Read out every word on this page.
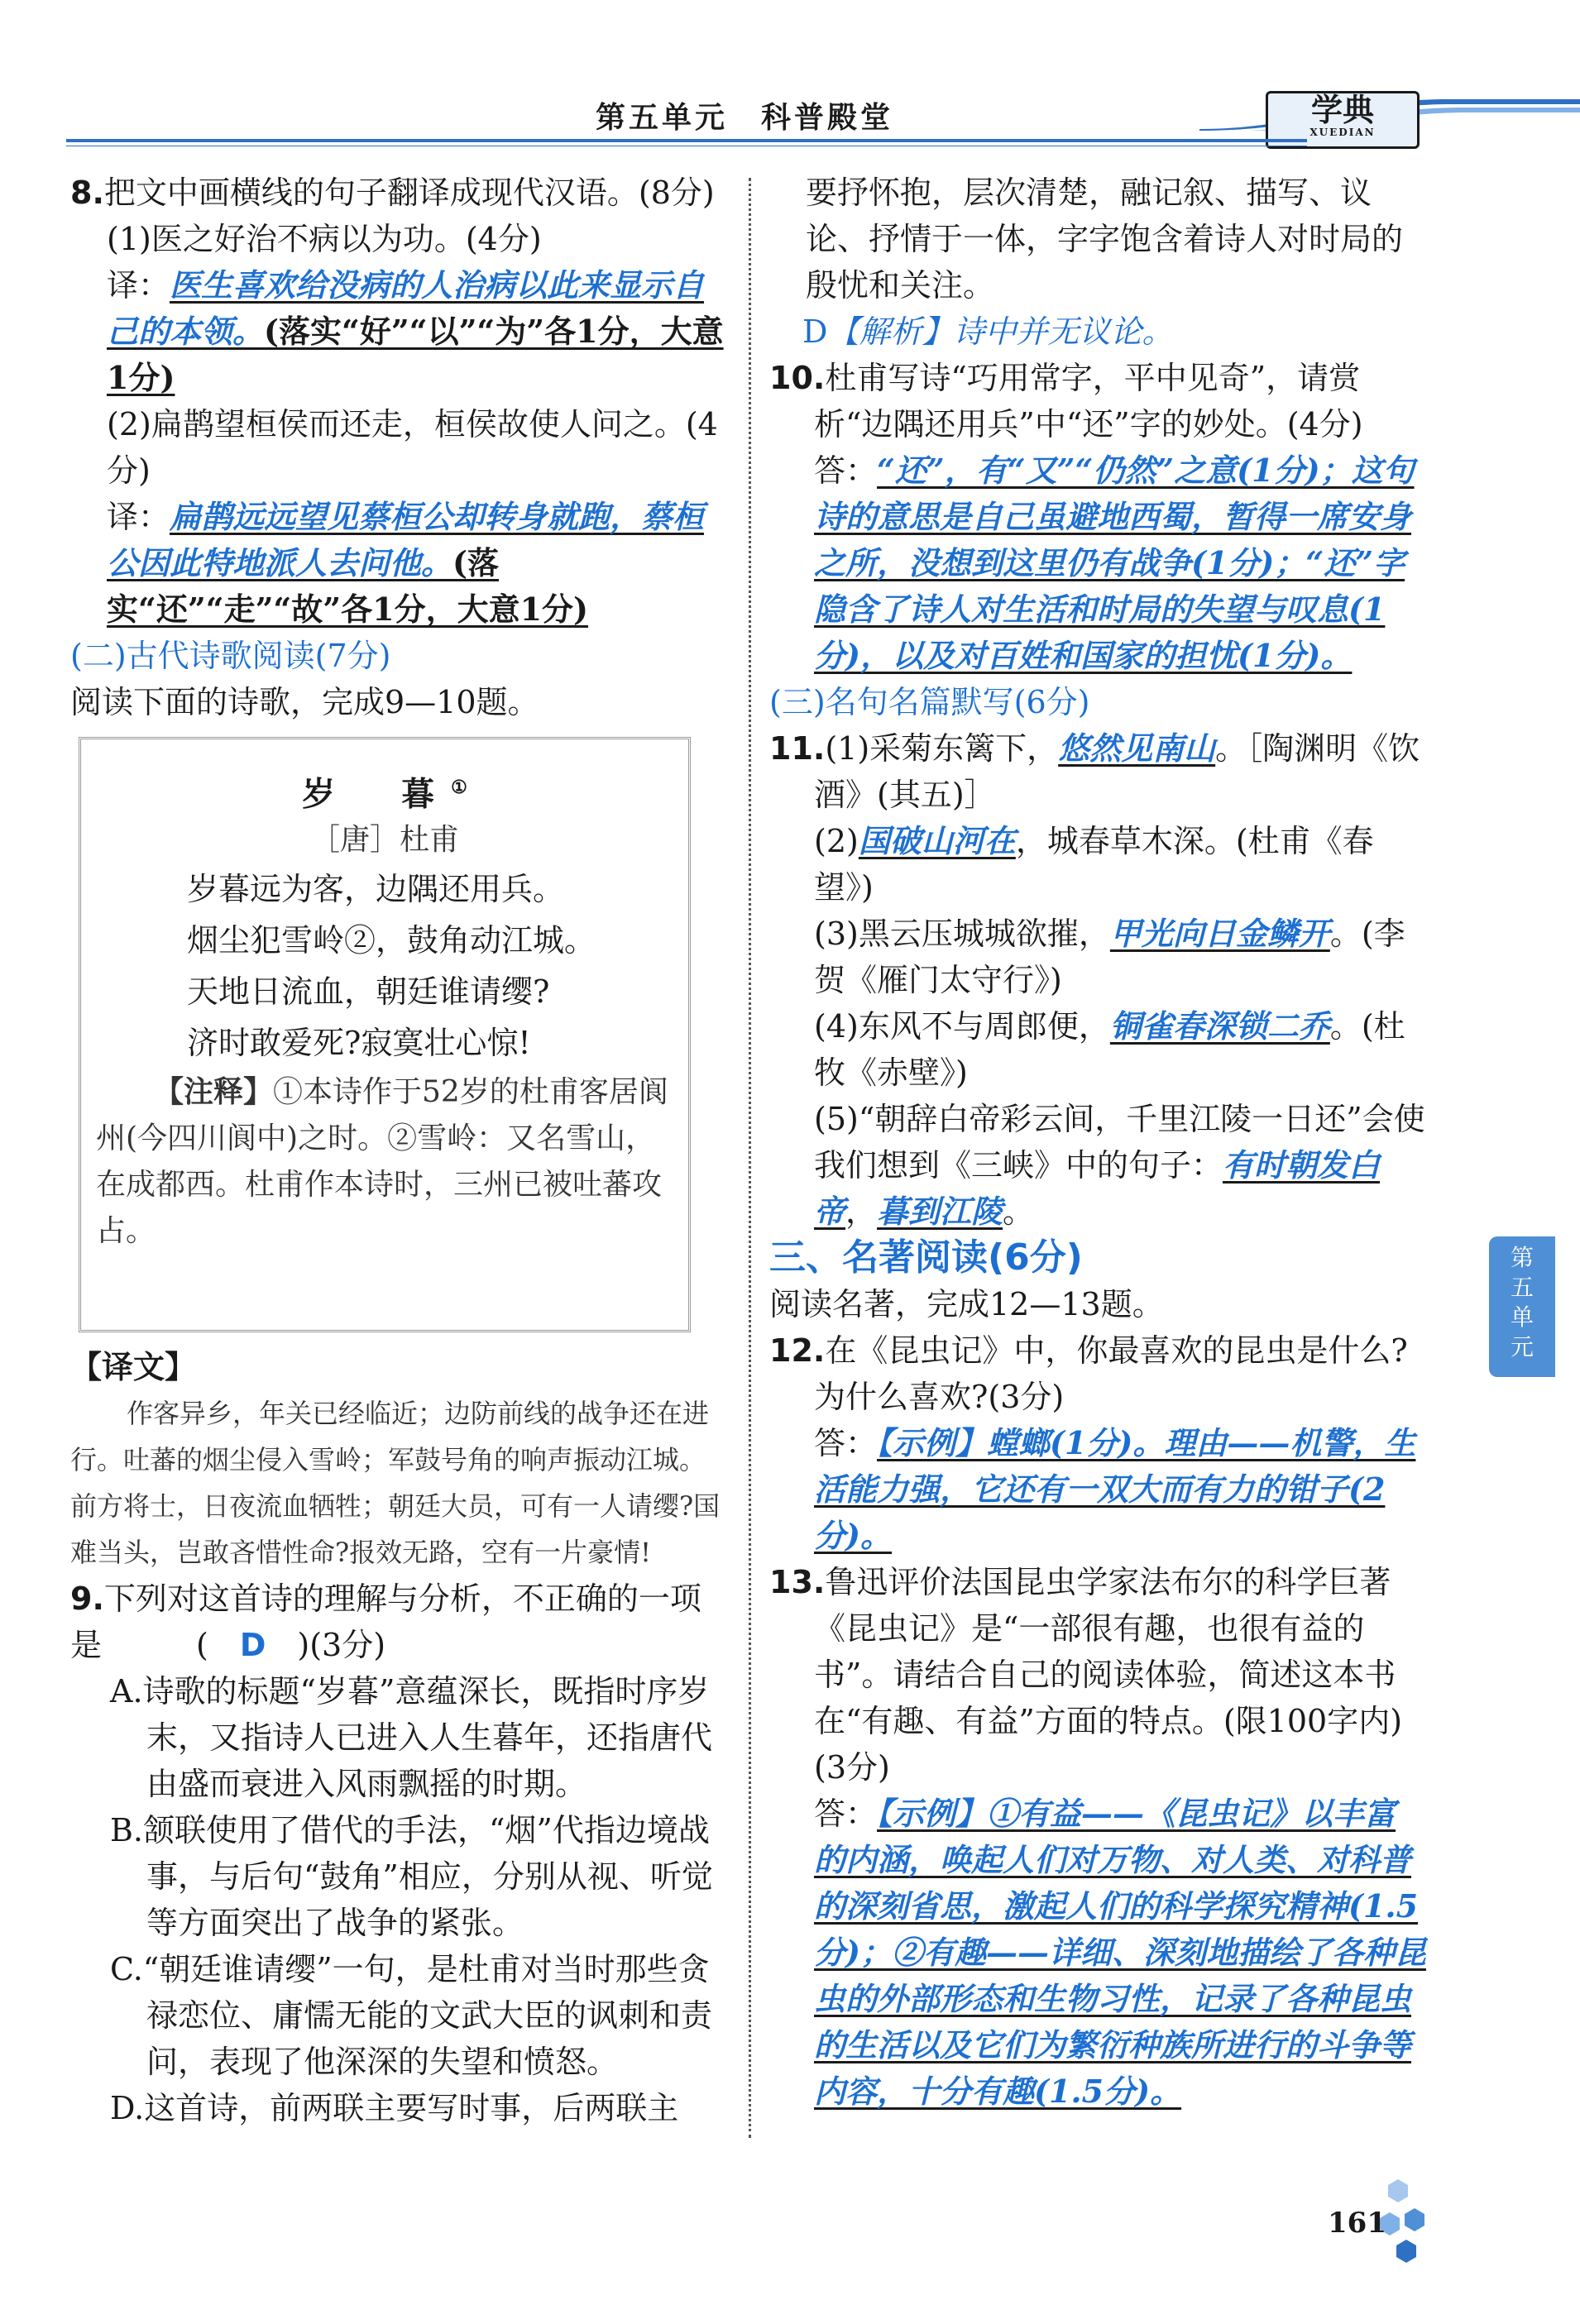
第五单元　科普殿堂	学典
XUEDIAN

8.把文中画横线的句子翻译成现代汉语。(8分)

(1)医之好治不病以为功。(4分)

译：医生喜欢给没病的人治病以此来显示自己的本领。(落实“好”“以”“为”各1分，大意1分)

(2)扁鹊望桓侯而还走，桓侯故使人问之。(4分)

译：扁鹊远远望见蔡桓公却转身就跑，蔡桓公因此特地派人去问他。(落实“还”“走”“故”各1分，大意1分)

(二)古代诗歌阅读(7分)

阅读下面的诗歌，完成9—10题。

岁　暮①
［唐］杜甫
岁暮远为客，边隅还用兵。
烟尘犯雪岭②，鼓角动江城。
天地日流血，朝廷谁请缨?
济时敢爱死?寂寞壮心惊!
【注释】①本诗作于52岁的杜甫客居阆州(今四川阆中)之时。②雪岭：又名雪山，在成都西。杜甫作本诗时，三州已被吐蕃攻占。

【译文】

作客异乡，年关已经临近；边防前线的战争还在进行。吐蕃的烟尘侵入雪岭；军鼓号角的响声振动江城。前方将士，日夜流血牺牲；朝廷大员，可有一人请缨?国难当头，岂敢吝惜性命?报效无路，空有一片豪情!

9.下列对这首诗的理解与分析，不正确的一项是　　　(　D　)(3分)

A.诗歌的标题“岁暮”意蕴深长，既指时序岁末，又指诗人已进入人生暮年，还指唐代由盛而衰进入风雨飘摇的时期。

B.颔联使用了借代的手法，“烟”代指边境战事，与后句“鼓角”相应，分别从视、听觉等方面突出了战争的紧张。

C.“朝廷谁请缨”一句，是杜甫对当时那些贪禄恋位、庸懦无能的文武大臣的讽刺和责问，表现了他深深的失望和愤怒。

D.这首诗，前两联主要写时事，后两联主

要抒怀抱，层次清楚，融记叙、描写、议论、抒情于一体，字字饱含着诗人对时局的殷忧和关注。

D【解析】诗中并无议论。

10.杜甫写诗“巧用常字，平中见奇”，请赏析“边隅还用兵”中“还”字的妙处。(4分)

答：“还”，有“又”“仍然”之意(1分)；这句诗的意思是自己虽避地西蜀，暂得一席安身之所，没想到这里仍有战争(1分)；“还”字隐含了诗人对生活和时局的失望与叹息(1分)，以及对百姓和国家的担忧(1分)。

(三)名句名篇默写(6分)

11.(1)采菊东篱下，悠然见南山。［陶渊明《饮酒》(其五)］

(2)国破山河在，城春草木深。(杜甫《春望》)

(3)黑云压城城欲摧，甲光向日金鳞开。(李贺《雁门太守行》)

(4)东风不与周郎便，铜雀春深锁二乔。(杜牧《赤壁》)

(5)“朝辞白帝彩云间，千里江陵一日还”会使我们想到《三峡》中的句子：有时朝发白帝，暮到江陵。

三、名著阅读(6分)

阅读名著，完成12—13题。

12.在《昆虫记》中，你最喜欢的昆虫是什么?为什么喜欢?(3分)

答：【示例】螳螂(1分)。理由——机警，生活能力强，它还有一双大而有力的钳子(2分)。

13.鲁迅评价法国昆虫学家法布尔的科学巨著《昆虫记》是“一部很有趣，也很有益的书”。请结合自己的阅读体验，简述这本书在“有趣、有益”方面的特点。(限100字内)(3分)

答：【示例】①有益——《昆虫记》以丰富的内涵，唤起人们对万物、对人类、对科普的深刻省思，激起人们的科学探究精神(1.5分)；②有趣——详细、深刻地描绘了各种昆虫的外部形态和生物习性，记录了各种昆虫的生活以及它们为繁衍种族所进行的斗争等内容，十分有趣(1.5分)。

第五单元
161
